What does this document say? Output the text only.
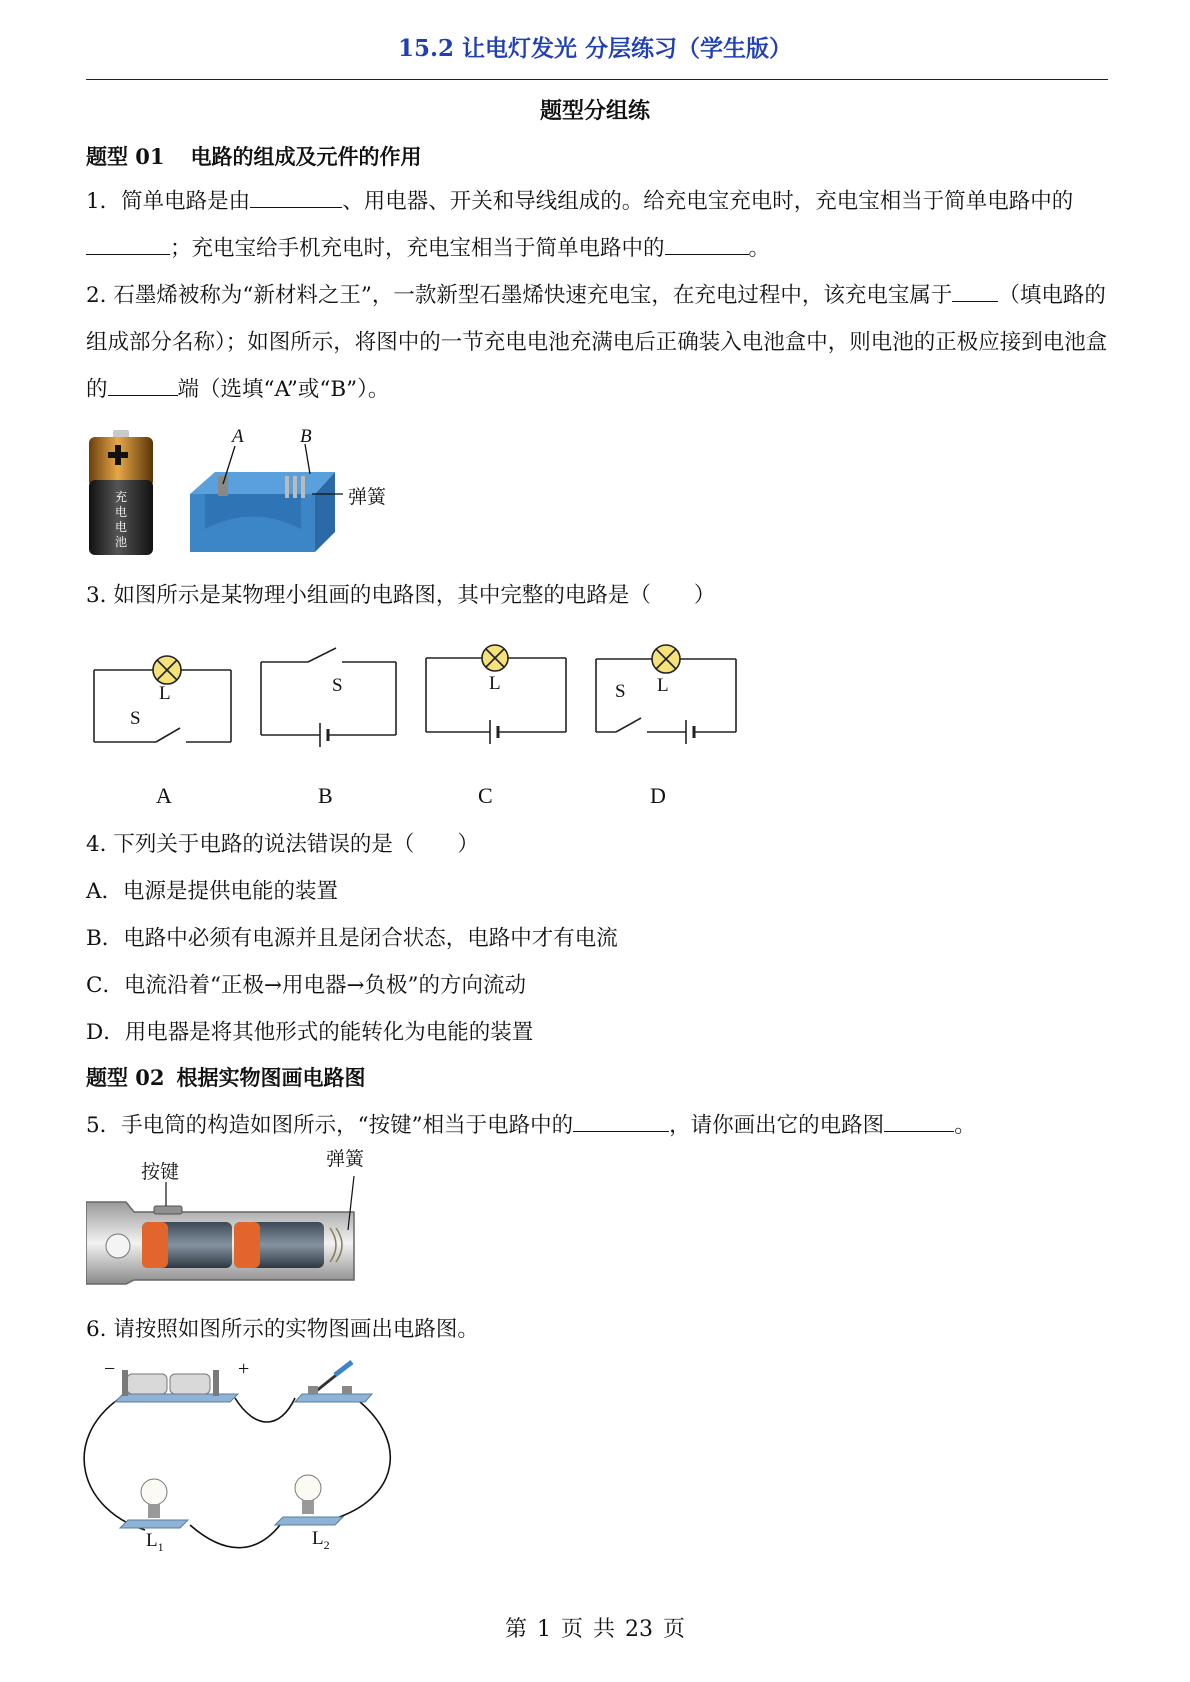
15.2 让电灯发光 分层练习（学生版）
题型分组练
题型 01 电路的组成及元件的作用
1．简单电路是由	、用电器、开关和导线组成的。给充电宝充电时，充电宝相当于简单电路中的；充电宝给手机充电时，充电宝相当于简单电路中的	。
2. 石墨烯被称为“新材料之王”，一款新型石墨烯快速充电宝，在充电过程中，该充电宝属于 （填电路的组成部分名称）；如图所示，将图中的一节充电电池充满电后正确装入电池盒中，则电池的正极应接到电池盒的	端（选填“A”或“B”）。
充
电
电
池
A	B
弹簧
3. 如图所示是某物理小组画的电路图，其中完整的电路是（　　）
L
S
S	L	S L
A	B	C	D
4. 下列关于电路的说法错误的是（　　）
A．电源是提供电能的装置
B．电路中必须有电源并且是闭合状态，电路中才有电流
C．电流沿着“正极→用电器→负极”的方向流动
D．用电器是将其他形式的能转化为电能的装置
题型 02 根据实物图画电路图
5．手电筒的构造如图所示，“按键”相当于电路中的	，请你画出它的电路图	。
按键
弹簧
6. 请按照如图所示的实物图画出电路图。
−	+
$L_1$	$L_2$
第 1 页 共 23 页
